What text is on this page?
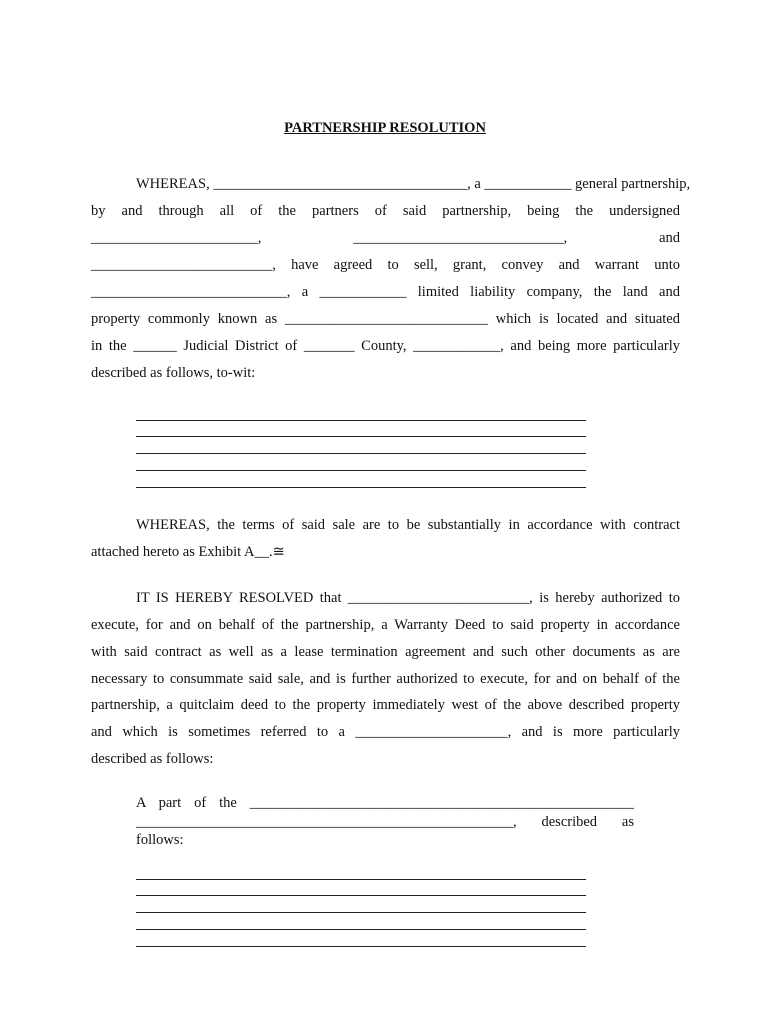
PARTNERSHIP RESOLUTION
WHEREAS, ___________________________________, a ____________ general partnership,
by and through all of the partners of said partnership, being the undersigned
_______________________, _____________________________, and
_________________________, have agreed to sell, grant, convey and warrant unto
___________________________, a ____________ limited liability company, the land and
property commonly known as ____________________________ which is located and situated
in the ______ Judicial District of _______ County, ____________, and being more particularly
described as follows, to-wit:
WHEREAS, the terms of said sale are to be substantially in accordance with contract
attached hereto as Exhibit A__.≅
IT IS HEREBY RESOLVED that _________________________, is hereby authorized to
execute, for and on behalf of the partnership, a Warranty Deed to said property in accordance
with said contract as well as a lease termination agreement and such other documents as are
necessary to consummate said sale, and is further authorized to execute, for and on behalf of the
partnership, a quitclaim deed to the property immediately west of the above described property
and which is sometimes referred to a _____________________, and is more particularly
described as follows:
A part of the _____________________________________________________
____________________________________________________, described as
follows:
